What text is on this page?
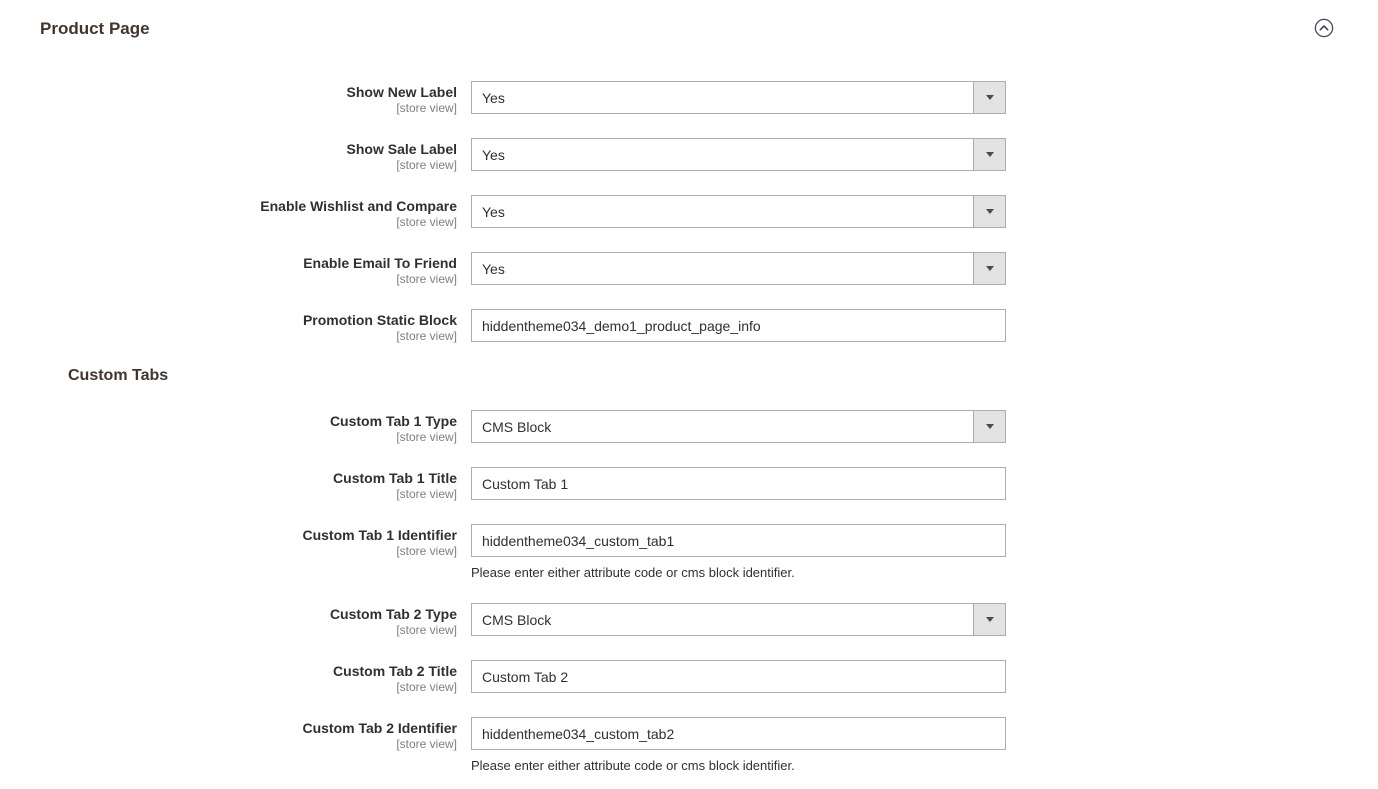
Product Page
Show New Label
[store view]
Yes
Show Sale Label
[store view]
Yes
Enable Wishlist and Compare
[store view]
Yes
Enable Email To Friend
[store view]
Yes
Promotion Static Block
[store view]
hiddentheme034_demo1_product_page_info
Custom Tabs
Custom Tab 1 Type
[store view]
CMS Block
Custom Tab 1 Title
[store view]
Custom Tab 1
Custom Tab 1 Identifier
[store view]
hiddentheme034_custom_tab1
Please enter either attribute code or cms block identifier.
Custom Tab 2 Type
[store view]
CMS Block
Custom Tab 2 Title
[store view]
Custom Tab 2
Custom Tab 2 Identifier
[store view]
hiddentheme034_custom_tab2
Please enter either attribute code or cms block identifier.
